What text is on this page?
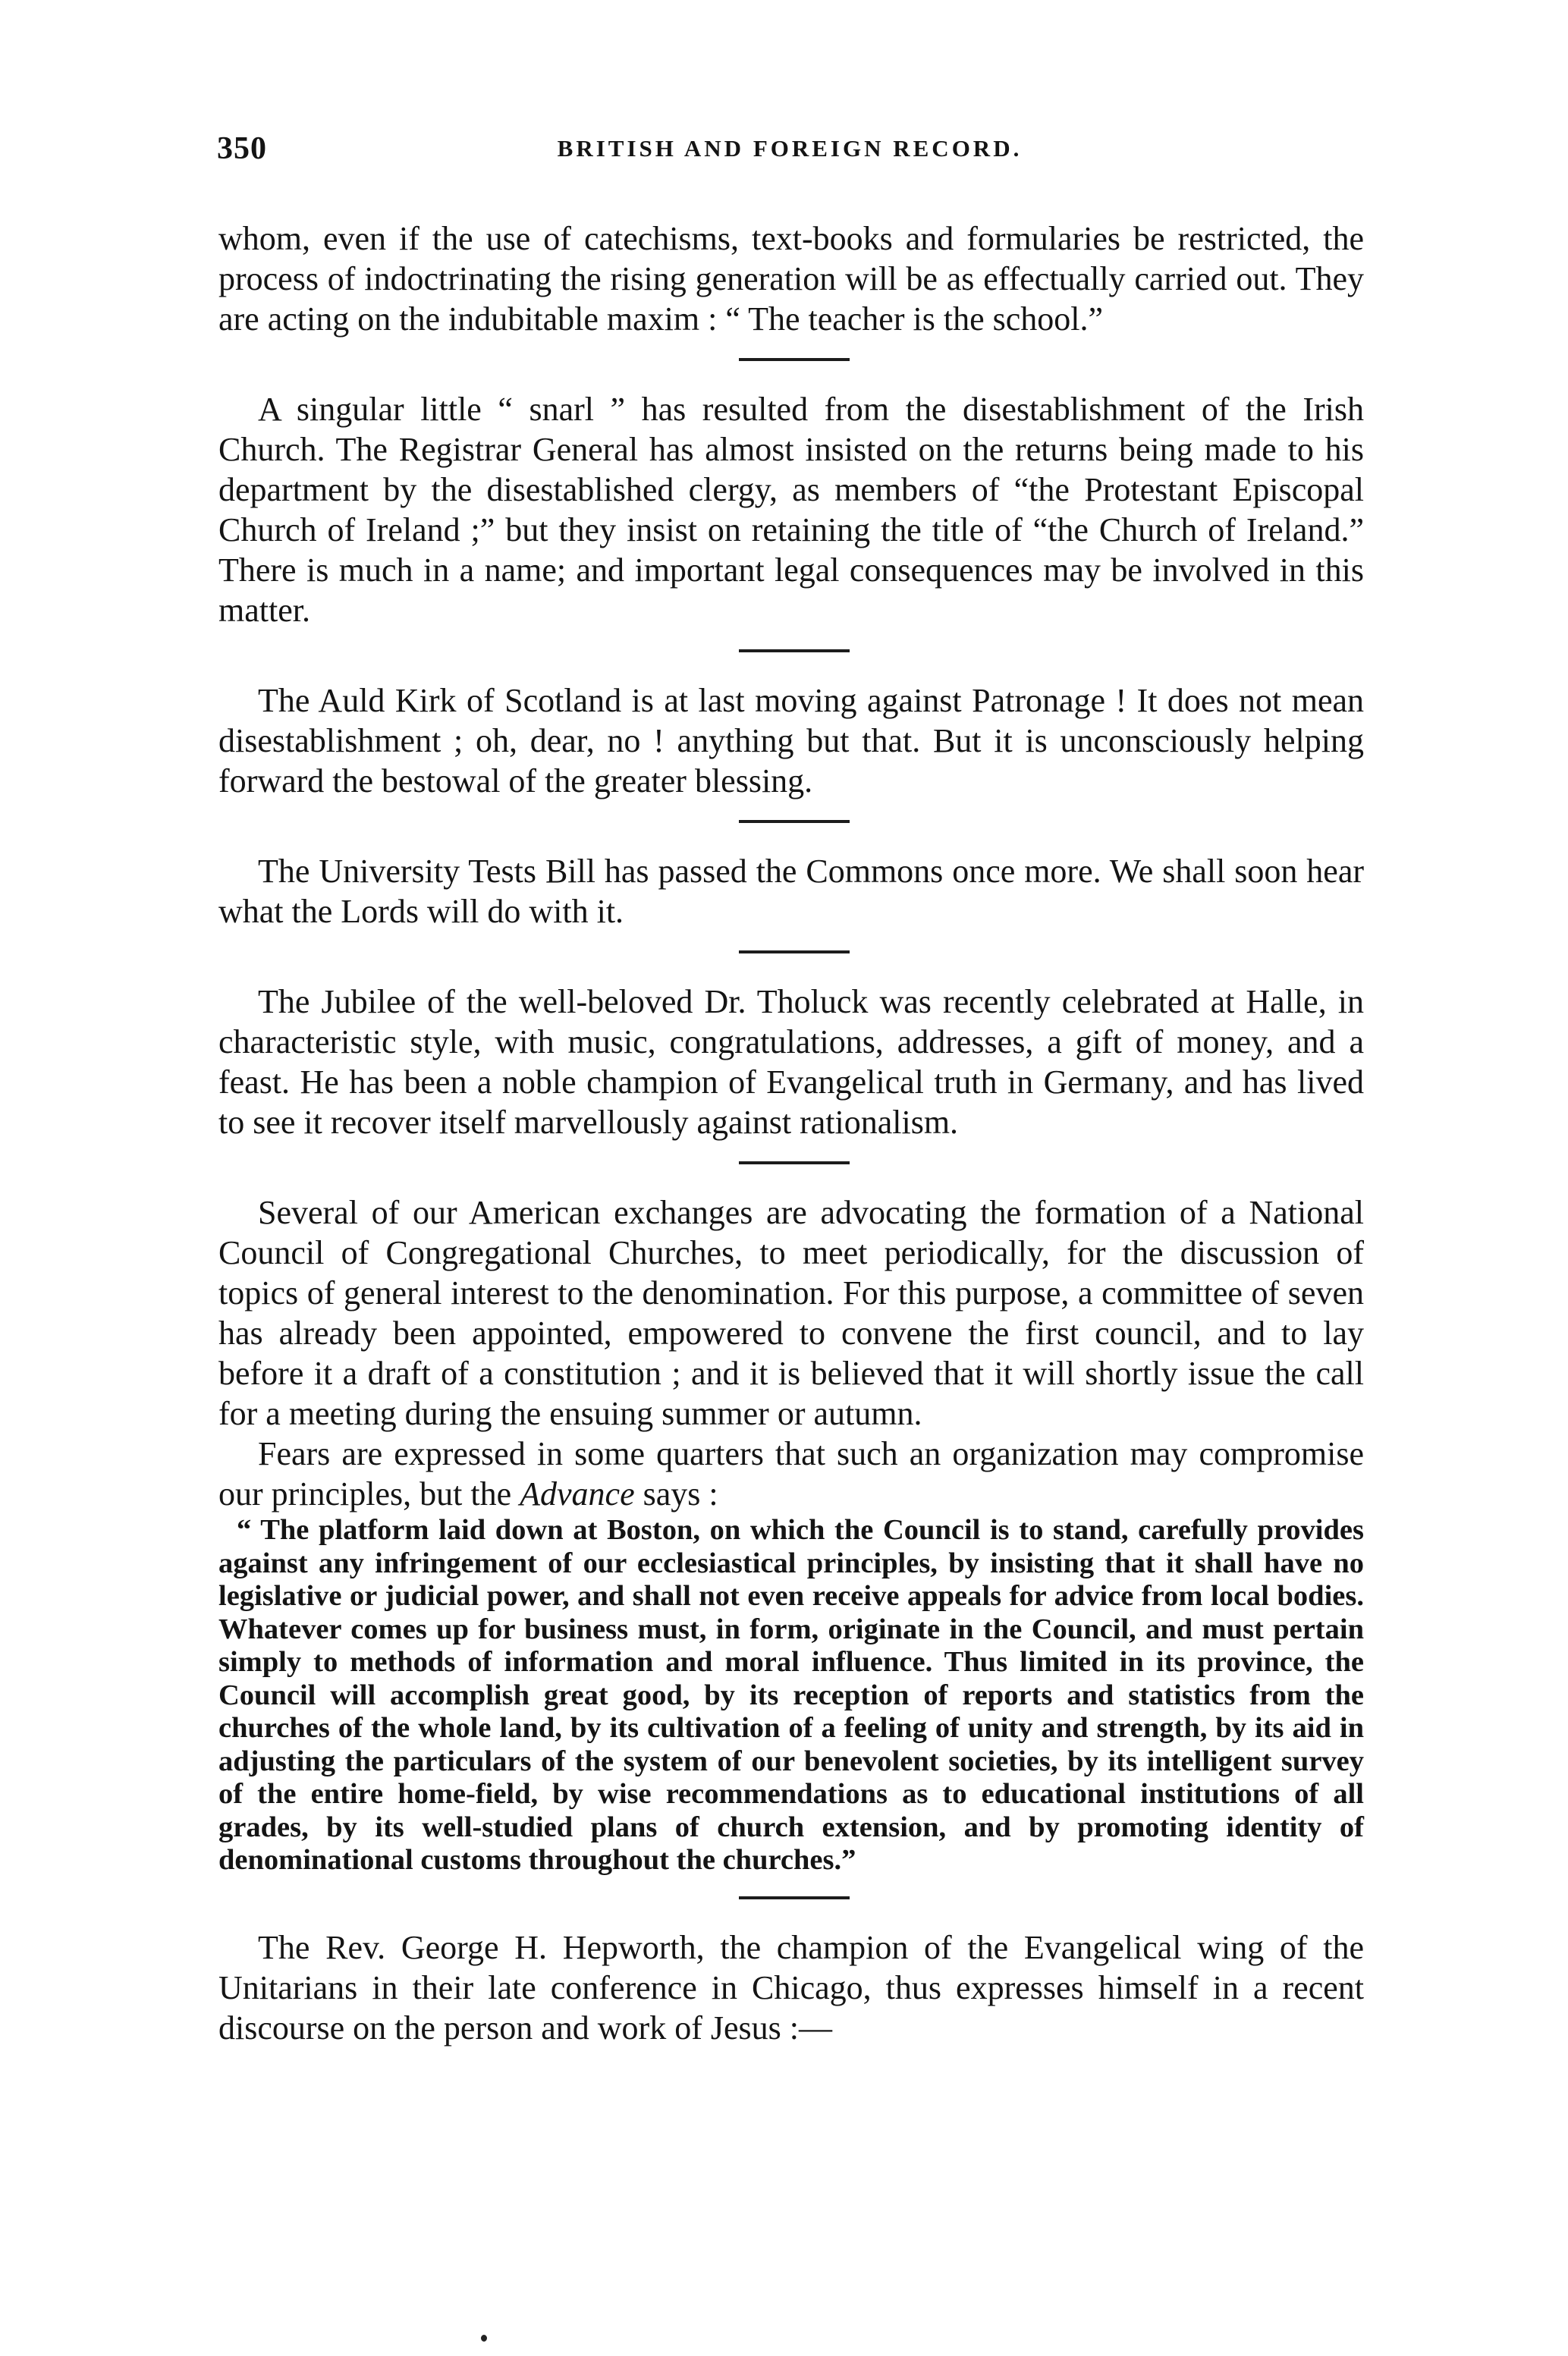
350	BRITISH AND FOREIGN RECORD.

whom, even if the use of catechisms, text-books and formularies be restricted, the process of indoctrinating the rising generation will be as effectually carried out. They are acting on the indubitable maxim : “ The teacher is the school.”

A singular little “ snarl ” has resulted from the disestablishment of the Irish Church. The Registrar General has almost insisted on the returns being made to his department by the disestablished clergy, as members of “the Protestant Episcopal Church of Ireland ;” but they insist on retaining the title of “the Church of Ireland.” There is much in a name; and important legal consequences may be involved in this matter.

The Auld Kirk of Scotland is at last moving against Patronage ! It does not mean disestablishment ; oh, dear, no ! anything but that. But it is unconsciously helping forward the bestowal of the greater blessing.

The University Tests Bill has passed the Commons once more. We shall soon hear what the Lords will do with it.

The Jubilee of the well-beloved Dr. Tholuck was recently celebrated at Halle, in characteristic style, with music, congratulations, addresses, a gift of money, and a feast. He has been a noble champion of Evangelical truth in Germany, and has lived to see it recover itself marvellously against rationalism.

Several of our American exchanges are advocating the formation of a National Council of Congregational Churches, to meet periodically, for the discussion of topics of general interest to the denomination. For this purpose, a committee of seven has already been appointed, empowered to convene the first council, and to lay before it a draft of a constitution ; and it is believed that it will shortly issue the call for a meeting during the ensuing summer or autumn.

Fears are expressed in some quarters that such an organization may compromise our principles, but the Advance says :

“ The platform laid down at Boston, on which the Council is to stand, carefully provides against any infringement of our ecclesiastical principles, by insisting that it shall have no legislative or judicial power, and shall not even receive appeals for advice from local bodies. Whatever comes up for business must, in form, originate in the Council, and must pertain simply to methods of information and moral influence. Thus limited in its province, the Council will accomplish great good, by its reception of reports and statistics from the churches of the whole land, by its cultivation of a feeling of unity and strength, by its aid in adjusting the particulars of the system of our benevolent societies, by its intelligent survey of the entire home-field, by wise recommendations as to educational institutions of all grades, by its well-studied plans of church extension, and by promoting identity of denominational customs throughout the churches.”

The Rev. George H. Hepworth, the champion of the Evangelical wing of the Unitarians in their late conference in Chicago, thus expresses himself in a recent discourse on the person and work of Jesus :—
